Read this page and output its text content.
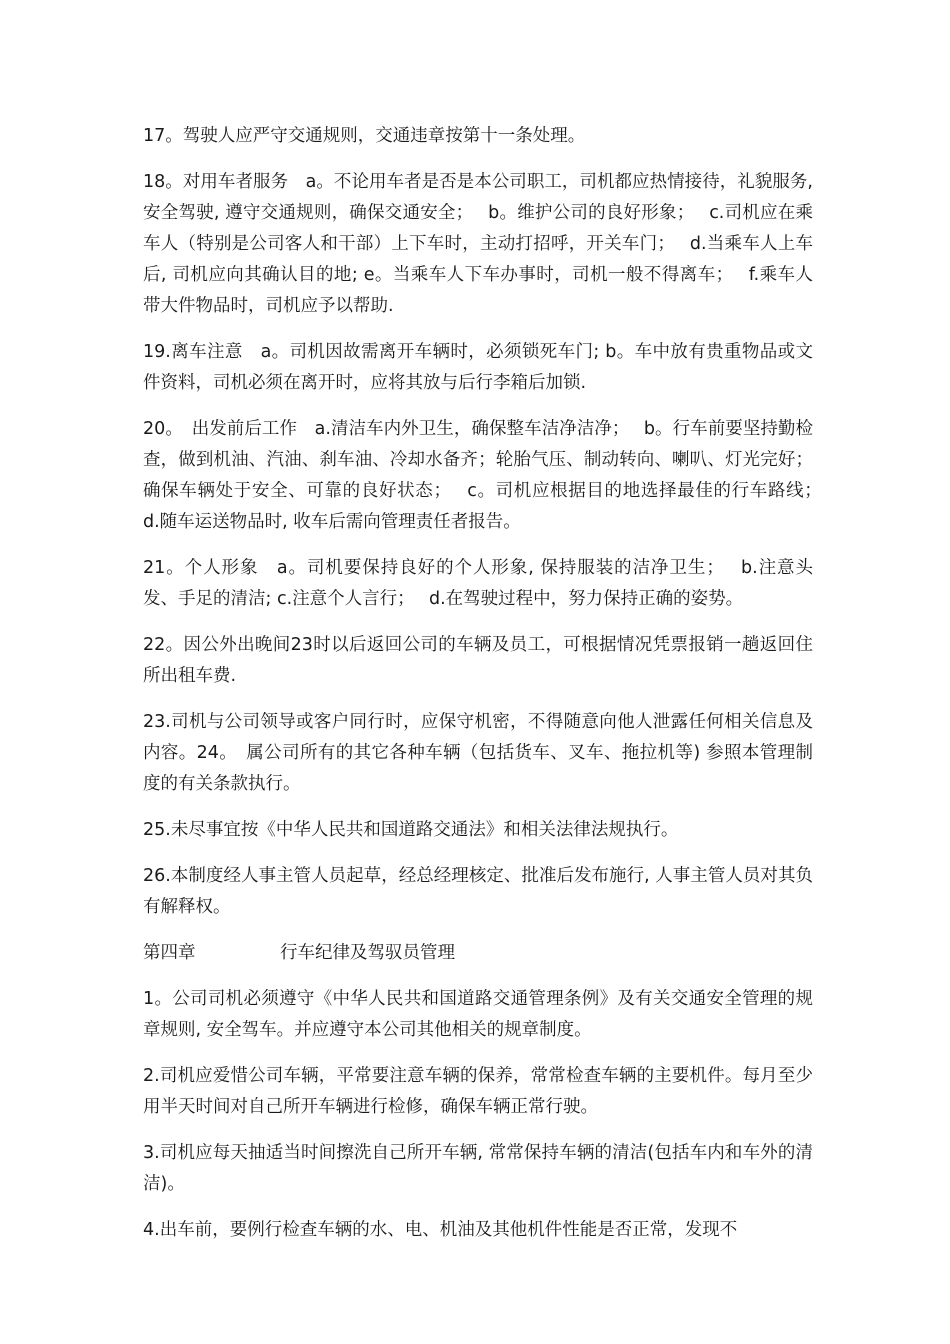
17。驾驶人应严守交通规则，交通违章按第十一条处理。

18。对用车者服务　a。不论用车者是否是本公司职工，司机都应热情接待，礼貌服务, 安全驾驶, 遵守交通规则，确保交通安全；　 b。维护公司的良好形象；　 c.司机应在乘车人（特别是公司客人和干部）上下车时，主动打招呼，开关车门；　 d.当乘车人上车后, 司机应向其确认目的地; e。当乘车人下车办事时，司机一般不得离车；　 f.乘车人带大件物品时，司机应予以帮助.

19.离车注意　a。司机因故需离开车辆时，必须锁死车门; b。车中放有贵重物品或文件资料，司机必须在离开时，应将其放与后行李箱后加锁.

20。　出发前后工作　a.清洁车内外卫生，确保整车洁净洁净；　 b。行车前要坚持勤检查，做到机油、汽油、刹车油、冷却水备齐；轮胎气压、制动转向、喇叭、灯光完好；确保车辆处于安全、可靠的良好状态；　 c。司机应根据目的地选择最佳的行车路线；　 d.随车运送物品时, 收车后需向管理责任者报告。

21。个人形象　a。司机要保持良好的个人形象, 保持服装的洁净卫生；　 b.注意头发、手足的清洁; c.注意个人言行；　 d.在驾驶过程中，努力保持正确的姿势。

22。因公外出晚间23时以后返回公司的车辆及员工，可根据情况凭票报销一趟返回住所出租车费.

23.司机与公司领导或客户同行时，应保守机密，不得随意向他人泄露任何相关信息及内容。24。　属公司所有的其它各种车辆（包括货车、叉车、拖拉机等) 参照本管理制度的有关条款执行。

25.未尽事宜按《中华人民共和国道路交通法》和相关法律法规执行。

26.本制度经人事主管人员起草，经总经理核定、批准后发布施行, 人事主管人员对其负有解释权。

第四章	行车纪律及驾驭员管理

1。公司司机必须遵守《中华人民共和国道路交通管理条例》及有关交通安全管理的规章规则, 安全驾车。并应遵守本公司其他相关的规章制度。

2.司机应爱惜公司车辆，平常要注意车辆的保养，常常检查车辆的主要机件。每月至少用半天时间对自己所开车辆进行检修，确保车辆正常行驶。

3.司机应每天抽适当时间擦洗自己所开车辆, 常常保持车辆的清洁(包括车内和车外的清洁)。

4.出车前，要例行检查车辆的水、电、机油及其他机件性能是否正常，发现不
